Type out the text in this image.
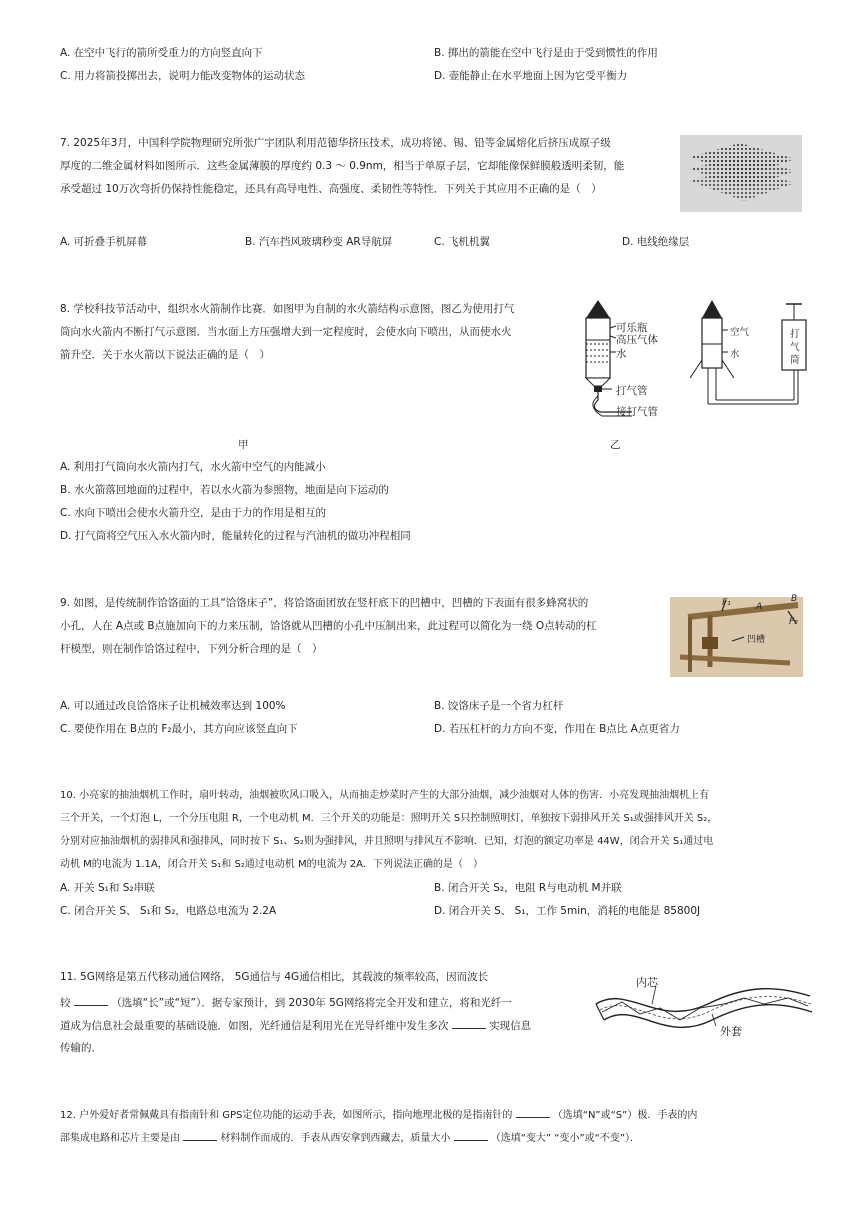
A. 在空中飞行的箭所受重力的方向竖直向下	B. 掷出的箭能在空中飞行是由于受到惯性的作用
C. 用力将箭投掷出去，说明力能改变物体的运动状态	D. 壶能静止在水平地面上因为它受平衡力
7. 2025年3月，中国科学院物理研究所张广宇团队利用范德华挤压技术，成功将铋、锡、铅等金属熔化后挤压成原子级
厚度的二维金属材料如图所示．这些金属薄膜的厚度约 0.3 ～ 0.9nm，相当于单原子层，它却能像保鲜膜般透明柔韧，能
承受超过 10万次弯折仍保持性能稳定，还具有高导电性、高强度、柔韧性等特性．下列关于其应用不正确的是（　）
A. 可折叠手机屏幕	B. 汽车挡风玻璃秒变 AR导航屏	C. 飞机机翼	D. 电线绝缘层
8. 学校科技节活动中，组织水火箭制作比赛．如图甲为自制的水火箭结构示意图，图乙为使用打气
筒向水火箭内不断打气示意图．当水面上方压强增大到一定程度时，会使水向下喷出，从而使水火
箭升空．关于水火箭以下说法正确的是（　）
可乐瓶
高压气体
水
打气管
接打气管
空气
水
打
气
筒
甲	乙
A. 利用打气筒向水火箭内打气，水火箭中空气的内能减小
B. 水火箭落回地面的过程中，若以水火箭为参照物，地面是向下运动的
C. 水向下喷出会使水火箭升空，是由于力的作用是相互的
D. 打气筒将空气压入水火箭内时，能量转化的过程与汽油机的做功冲程相同
9. 如图，是传统制作饸饹面的工具“饸饹床子”，将饸饹面团放在竖杆底下的凹槽中，凹槽的下表面有很多蜂窝状的
小孔，人在 A点或 B点施加向下的力来压制，饸饹就从凹槽的小孔中压制出来，此过程可以简化为一绕 O点转动的杠
杆模型，则在制作饸饹过程中，下列分析合理的是（　）
F₁	A
B
F₂
凹槽
A. 可以通过改良饸饹床子让机械效率达到 100%	B. 饺饹床子是一个省力杠杆
C. 要使作用在 B点的 F₂最小，其方向应该竖直向下	D. 若压杠杆的力方向不变，作用在 B点比 A点更省力
10. 小亮家的抽油烟机工作时，扇叶转动，油烟被吹风口吸入，从而抽走炒菜时产生的大部分油烟，减少油烟对人体的伤害．小亮发现抽油烟机上有
三个开关，一个灯泡 L，一个分压电阻 R，一个电动机 M．三个开关的功能是：照明开关 S只控制照明灯，单独按下弱排风开关 S₁或强排风开关 S₂，
分别对应抽油烟机的弱排风和强排风，同时按下 S₁、S₂则为强排风，并且照明与排风互不影响．已知，灯泡的额定功率是 44W，闭合开关 S₁通过电
动机 M的电流为 1.1A，闭合开关 S₁和 S₂通过电动机 M的电流为 2A．下列说法正确的是（　）
A. 开关 S₁和 S₂串联	B. 闭合开关 S₂，电阻 R与电动机 M并联
C. 闭合开关 S、 S₁和 S₂，电路总电流为 2.2A	D. 闭合开关 S、 S₁，工作 5min，消耗的电能是 85800J
11. 5G网络是第五代移动通信网络， 5G通信与 4G通信相比，其载波的频率较高，因而波长
较	（选填“长”或“短”）．据专家预计，到 2030年 5G网络将完全开发和建立，将和光纤一
道成为信息社会最重要的基础设施．如图，光纤通信是利用光在光导纤维中发生多次	实现信息
传输的．
内芯
外套
12. 户外爱好者常佩戴具有指南针和 GPS定位功能的运动手表，如图所示，指向地理北极的是指南针的	（选填“N”或“S”）极．手表的内
部集成电路和芯片主要是由	材料制作而成的．手表从西安拿到西藏去，质量大小	（选填“变大” “变小”或“不变”）．
